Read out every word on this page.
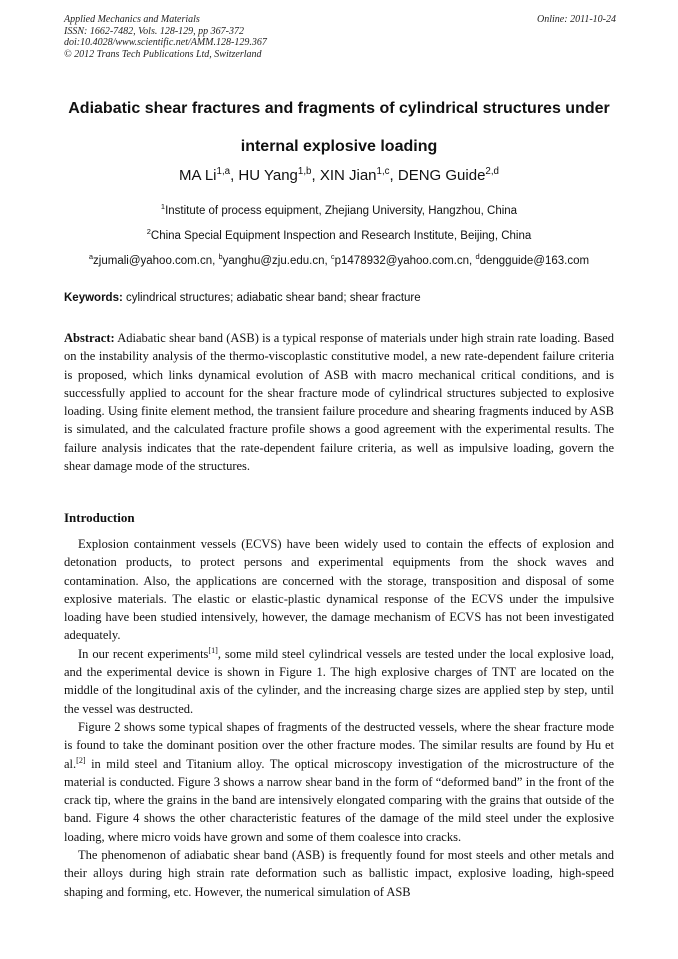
Applied Mechanics and Materials
ISSN: 1662-7482, Vols. 128-129, pp 367-372
doi:10.4028/www.scientific.net/AMM.128-129.367
© 2012 Trans Tech Publications Ltd, Switzerland
Online: 2011-10-24
Adiabatic shear fractures and fragments of cylindrical structures under
internal explosive loading
MA Li$^{1,a}$, HU Yang$^{1,b}$, XIN Jian$^{1,c}$, DENG Guide$^{2,d}$
$^1$Institute of process equipment, Zhejiang University, Hangzhou, China
$^2$China Special Equipment Inspection and Research Institute, Beijing, China
$^a$zjumali@yahoo.com.cn, $^b$yanghu@zju.edu.cn, $^c$p1478932@yahoo.com.cn, $^d$dengguide@163.com
Keywords: cylindrical structures; adiabatic shear band; shear fracture

Abstract: Adiabatic shear band (ASB) is a typical response of materials under high strain rate loading. Based on the instability analysis of the thermo-viscoplastic constitutive model, a new rate-dependent failure criteria is proposed, which links dynamical evolution of ASB with macro mechanical critical conditions, and is successfully applied to account for the shear fracture mode of cylindrical structures subjected to explosive loading. Using finite element method, the transient failure procedure and shearing fragments induced by ASB is simulated, and the calculated fracture profile shows a good agreement with the experimental results. The failure analysis indicates that the rate-dependent failure criteria, as well as impulsive loading, govern the shear damage mode of the structures.

Introduction

Explosion containment vessels (ECVS) have been widely used to contain the effects of explosion and detonation products, to protect persons and experimental equipments from the shock waves and contamination. Also, the applications are concerned with the storage, transposition and disposal of some explosive materials. The elastic or elastic-plastic dynamical response of the ECVS under the impulsive loading have been studied intensively, however, the damage mechanism of ECVS has not been investigated adequately.

In our recent experiments[1], some mild steel cylindrical vessels are tested under the local explosive load, and the experimental device is shown in Figure 1. The high explosive charges of TNT are located on the middle of the longitudinal axis of the cylinder, and the increasing charge sizes are applied step by step, until the vessel was destructed.

Figure 2 shows some typical shapes of fragments of the destructed vessels, where the shear fracture mode is found to take the dominant position over the other fracture modes. The similar results are found by Hu et al.[2] in mild steel and Titanium alloy. The optical microscopy investigation of the microstructure of the material is conducted. Figure 3 shows a narrow shear band in the form of “deformed band” in the front of the crack tip, where the grains in the band are intensively elongated comparing with the grains that outside of the band. Figure 4 shows the other characteristic features of the damage of the mild steel under the explosive loading, where micro voids have grown and some of them coalesce into cracks.

The phenomenon of adiabatic shear band (ASB) is frequently found for most steels and other metals and their alloys during high strain rate deformation such as ballistic impact, explosive loading, high-speed shaping and forming, etc. However, the numerical simulation of ASB
